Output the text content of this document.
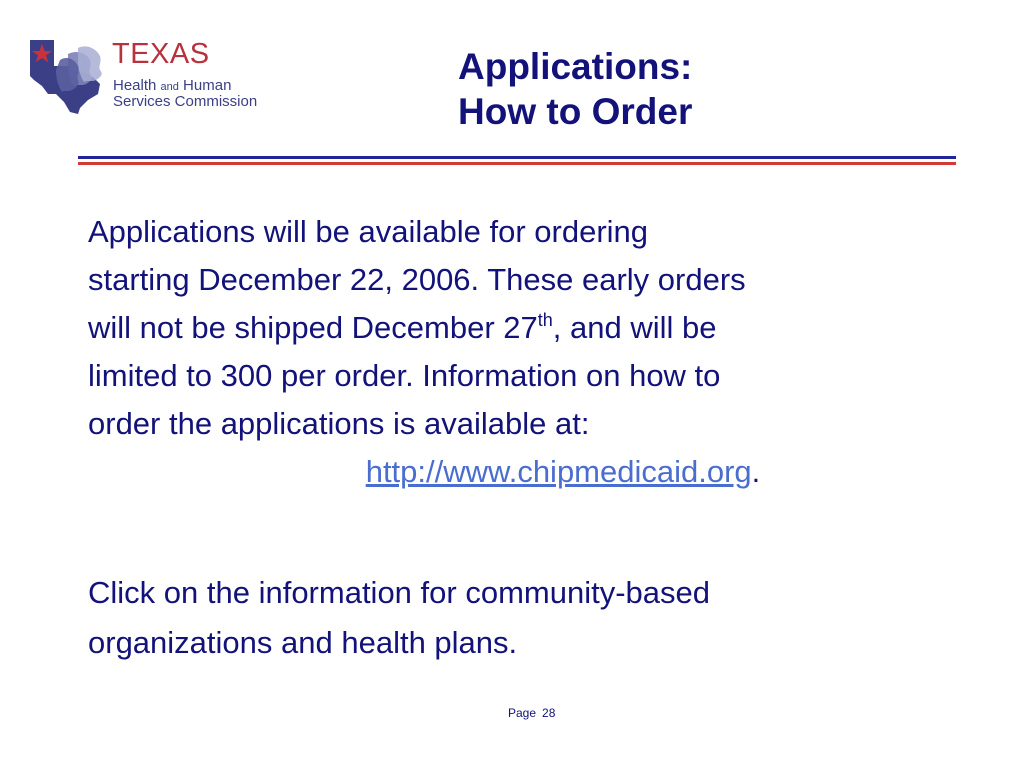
TEXAS
Health and Human
Services Commission
Applications:
How to Order

Applications will be available for ordering

starting December 22, 2006. These early orders

will not be shipped December 27th, and will be

limited to 300 per order. Information on how to

order the applications is available at:

http://www.chipmedicaid.org.

Click on the information for community-based

organizations and health plans.

Page 28
